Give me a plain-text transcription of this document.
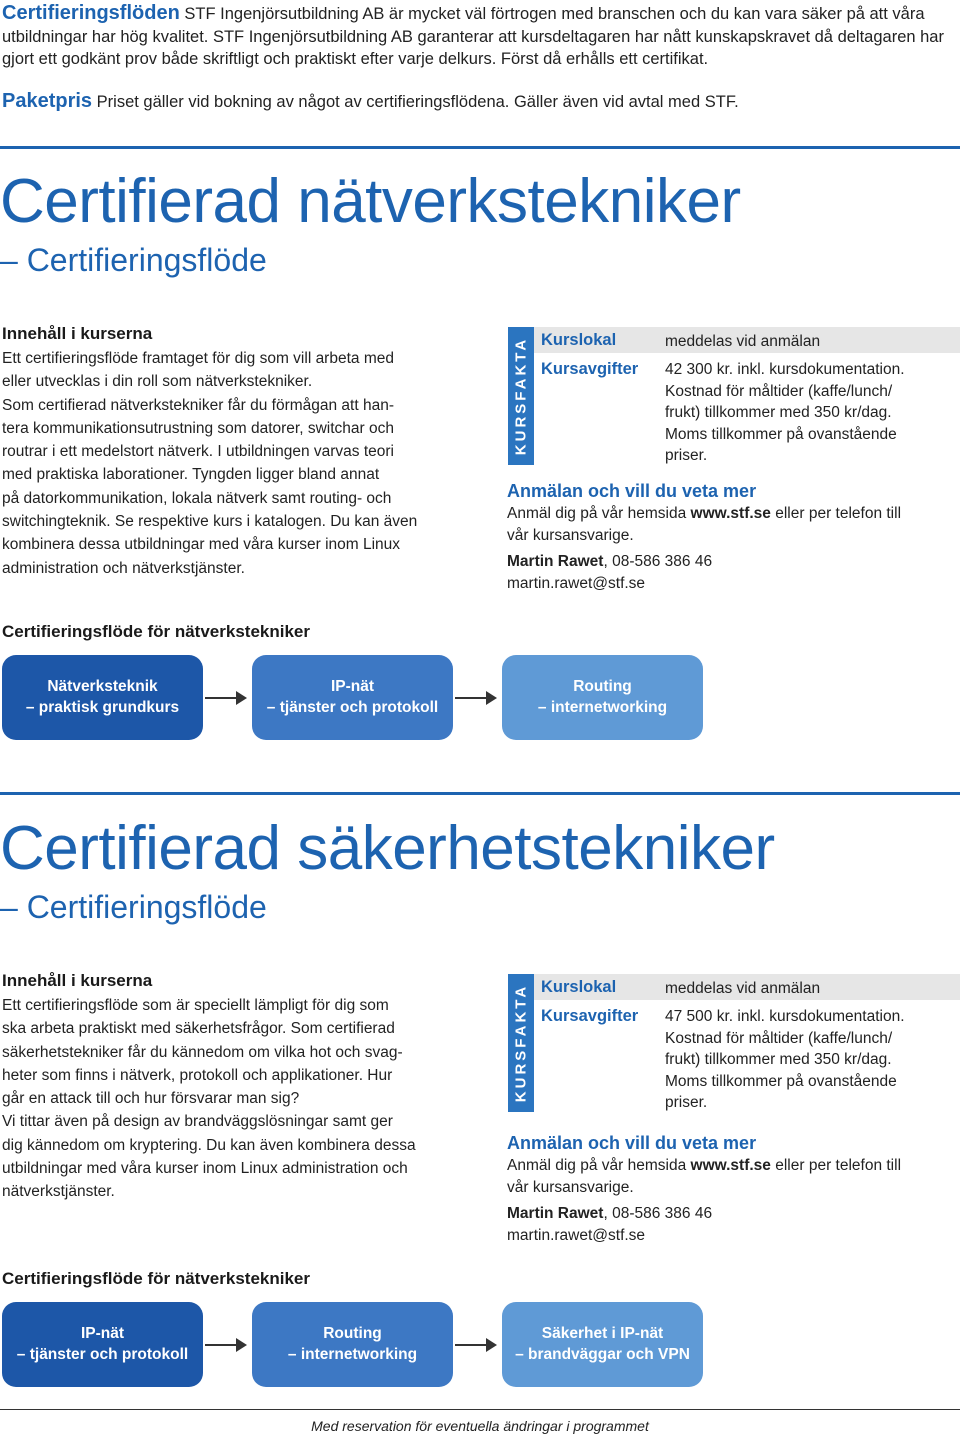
Certifieringsflöden STF Ingenjörsutbildning AB är mycket väl förtrogen med branschen och du kan vara säker på att våra utbildningar har hög kvalitet. STF Ingenjörsutbildning AB garanterar att kursdeltagaren har nått kunskapskravet då deltagaren har gjort ett godkänt prov både skriftligt och praktiskt efter varje delkurs. Först då erhålls ett certifikat.
Paketpris Priset gäller vid bokning av något av certifieringsflödena. Gäller även vid avtal med STF.
Certifierad nätverkstekniker
– Certifieringsflöde
Innehåll i kurserna

Ett certifieringsflöde framtaget för dig som vill arbeta med

eller utvecklas i din roll som nätverkstekniker.

Som certifierad nätverkstekniker får du förmågan att han-

tera kommunikationsutrustning som datorer, switchar och

routrar i ett medelstort nätverk. I utbildningen varvas teori

med praktiska laborationer. Tyngden ligger bland annat

på datorkommunikation, lokala nätverk samt routing- och

switchingteknik. Se respektive kurs i katalogen. Du kan även

kombinera dessa utbildningar med våra kurser inom Linux

administration och nätverkstjänster.

KURSFAKTA Kurslokal	meddelas vid anmälan
Kursavgifter 42 300 kr. inkl. kursdokumentation.

Kostnad för måltider (kaffe/lunch/

frukt) tillkommer med 350 kr/dag.

Moms tillkommer på ovanstående

priser.

Anmälan och vill du veta mer

Anmäl dig på vår hemsida www.stf.se eller per telefon till

vår kursansvarige.

Martin Rawet, 08-586 386 46

martin.rawet@stf.se

Certifieringsflöde för nätverkstekniker
Nätverksteknik
– praktisk grundkurs
IP-nät
– tjänster och protokoll
Routing
– internetworking
Certifierad säkerhetstekniker
– Certifieringsflöde
Innehåll i kurserna

Ett certifieringsflöde som är speciellt lämpligt för dig som

ska arbeta praktiskt med säkerhetsfrågor. Som certifierad

säkerhetstekniker får du kännedom om vilka hot och svag-

heter som finns i nätverk, protokoll och applikationer. Hur

går en attack till och hur försvarar man sig?

Vi tittar även på design av brandväggslösningar samt ger

dig kännedom om kryptering. Du kan även kombinera dessa

utbildningar med våra kurser inom Linux administration och

nätverkstjänster.

KURSFAKTA Kurslokal	meddelas vid anmälan
Kursavgifter 47 500 kr. inkl. kursdokumentation.

Kostnad för måltider (kaffe/lunch/

frukt) tillkommer med 350 kr/dag.

Moms tillkommer på ovanstående

priser.

Anmälan och vill du veta mer

Anmäl dig på vår hemsida www.stf.se eller per telefon till

vår kursansvarige.

Martin Rawet, 08-586 386 46

martin.rawet@stf.se

Certifieringsflöde för nätverkstekniker
IP-nät
– tjänster och protokoll
Routing
– internetworking
Säkerhet i IP-nät
– brandväggar och VPN
Med reservation för eventuella ändringar i programmet
